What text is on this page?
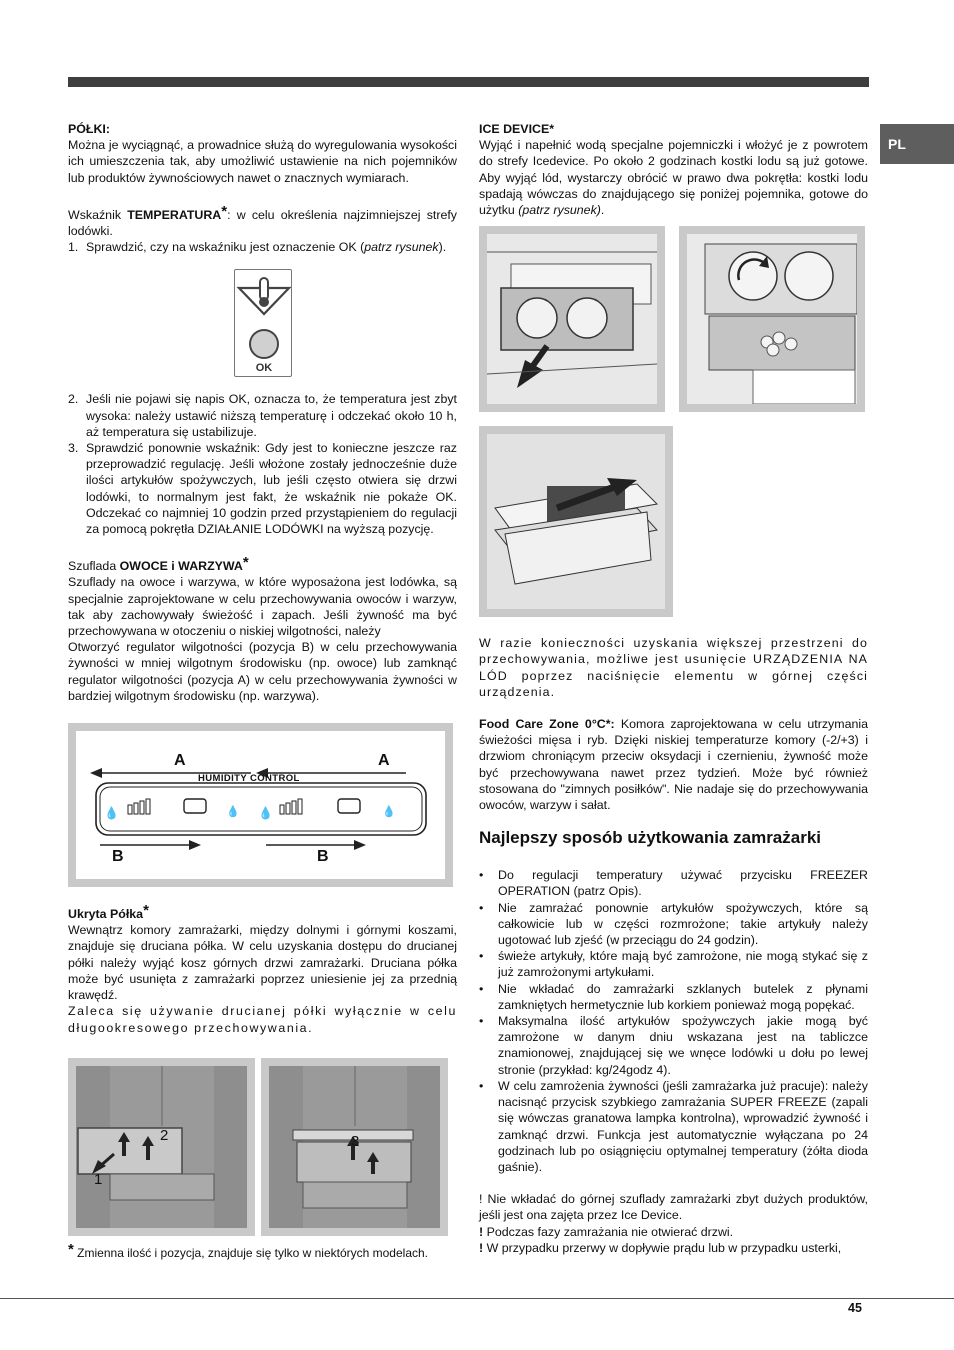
PL

PÓŁKI:

Można je wyciągnąć, a prowadnice służą do wyregulowania wysokości ich umieszczenia tak, aby umożliwić ustawienie na nich pojemników lub produktów żywnościowych nawet o znacznych wymiarach.

Wskaźnik TEMPERATURA*: w celu określenia najzimniejszej strefy lodówki.

1. Sprawdzić, czy na wskaźniku jest oznaczenie OK (patrz rysunek).
OK
2. Jeśli nie pojawi się napis OK, oznacza to, że temperatura jest zbyt wysoka: należy ustawić niższą temperaturę i odczekać około 10 h, aż temperatura się ustabilizuje.
3. Sprawdzić ponownie wskaźnik: Gdy jest to konieczne jeszcze raz przeprowadzić regulację. Jeśli włożone zostały jednocześnie duże ilości artykułów spożywczych, lub jeśli często otwiera się drzwi lodówki, to normalnym jest fakt, że wskaźnik nie pokaże OK. Odczekać co najmniej 10 godzin przed przystąpieniem do regulacji za pomocą pokrętła DZIAŁANIE LODÓWKI na wyższą pozycję.

Szuflada OWOCE i WARZYWA*

Szuflady na owoce i warzywa, w które wyposażona jest lodówka, są specjalnie zaprojektowane w celu przechowywania owoców i warzyw, tak aby zachowywały świeżość i zapach. Jeśli żywność ma być przechowywana w otoczeniu o niskiej wilgotności, należy

Otworzyć regulator wilgotności (pozycja B) w celu przechowywania żywności w mniej wilgotnym środowisku (np. owoce) lub zamknąć regulator wilgotności (pozycja A) w celu przechowywania żywności w bardziej wilgotnym środowisku (np. warzywa).

💧	💧 💧	💧
A	A
HUMIDITY CONTROL
B	B

Ukryta Półka*

Wewnątrz komory zamrażarki, między dolnymi i górnymi koszami, znajduje się druciana półka. W celu uzyskania dostępu do drucianej półki należy wyjąć kosz górnych drzwi zamrażarki. Druciana półka może być usunięta z zamrażarki poprzez uniesienie jej za przednią krawędź.

Zaleca się używanie drucianej półki wyłącznie w celu długookresowego przechowywania.

2
1
3

* Zmienna ilość i pozycja, znajduje się tylko w niektórych modelach.

ICE DEVICE*

Wyjąć i napełnić wodą specjalne pojemniczki i włożyć je z powrotem do strefy Icedevice. Po około 2 godzinach kostki lodu są już gotowe. Aby wyjąć lód, wystarczy obrócić w prawo dwa pokrętła: kostki lodu spadają wówczas do znajdującego się poniżej pojemnika, gotowe do użytku (patrz rysunek).

W razie konieczności uzyskania większej przestrzeni do przechowywania, możliwe jest usunięcie URZĄDZENIA NA LÓD poprzez naciśnięcie elementu w górnej części urządzenia.

Food Care Zone 0°C*: Komora zaprojektowana w celu utrzymania świeżości mięsa i ryb. Dzięki niskiej temperaturze komory (-2/+3) i drzwiom chroniącym przeciw oksydacji i czernieniu, żywność może być przechowywana nawet przez tydzień. Może być również stosowana do "zimnych posiłków". Nie nadaje się do przechowywania owoców, warzyw i sałat.

Najlepszy sposób użytkowania zamrażarki
• Do regulacji temperatury używać przycisku FREEZER OPERATION (patrz Opis).
• Nie zamrażać ponownie artykułów spożywczych, które są całkowicie lub w części rozmrożone; takie artykuły należy ugotować lub zjeść (w przeciągu do 24 godzin).
• świeże artykuły, które mają być zamrożone, nie mogą stykać się z już zamrożonymi artykułami.
• Nie wkładać do zamrażarki szklanych butelek z płynami zamkniętych hermetycznie lub korkiem ponieważ mogą popękać.
• Maksymalna ilość artykułów spożywczych jakie mogą być zamrożone w danym dniu wskazana jest na tabliczce znamionowej, znajdującej się we wnęce lodówki u dołu po lewej stronie (przykład: kg/24godz 4).
• W celu zamrożenia żywności (jeśli zamrażarka już pracuje): należy nacisnąć przycisk szybkiego zamrażania SUPER FREEZE (zapali się wówczas granatowa lampka kontrolna), wprowadzić żywność i zamknąć drzwi. Funkcja jest automatycznie wyłączana po 24 godzinach lub po osiągnięciu optymalnej temperatury (żółta dioda gaśnie).

! Nie wkładać do górnej szuflady zamrażarki zbyt dużych produktów, jeśli jest ona zajęta przez Ice Device.

! Podczas fazy zamrażania nie otwierać drzwi.

! W przypadku przerwy w dopływie prądu lub w przypadku usterki,

45
